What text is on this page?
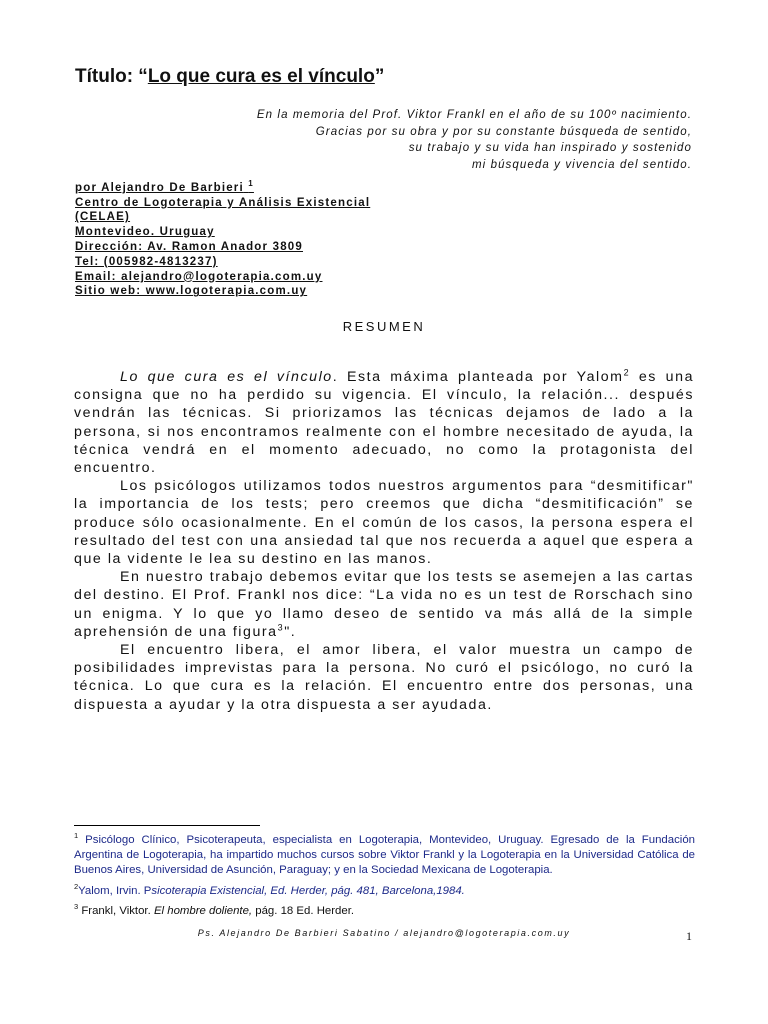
Título: “Lo que cura es el vínculo”
En la memoria del Prof. Viktor Frankl en el año de su 100º nacimiento.
Gracias por su obra y por su constante búsqueda de sentido,
su trabajo y su vida han inspirado y sostenido
mi búsqueda y vivencia del sentido.
por Alejandro De Barbieri $^1$
Centro de Logoterapia y Análisis Existencial
(CELAE)
Montevideo. Uruguay
Dirección: Av. Ramon Anador 3809
Tel: (005982-4813237)
Email: alejandro@logoterapia.com.uy
Sitio web: www.logoterapia.com.uy
RESUMEN

Lo que cura es el vínculo. Esta máxima planteada por Yalom$^2$ es una consigna que no ha perdido su vigencia. El vínculo, la relación... después vendrán las técnicas. Si priorizamos las técnicas dejamos de lado a la persona, si nos encontramos realmente con el hombre necesitado de ayuda, la técnica vendrá en el momento adecuado, no como la protagonista del encuentro.

Los psicólogos utilizamos todos nuestros argumentos para “desmitificar" la importancia de los tests; pero creemos que dicha “desmitificación” se produce sólo ocasionalmente. En el común de los casos, la persona espera el resultado del test con una ansiedad tal que nos recuerda a aquel que espera a que la vidente le lea su destino en las manos.

En nuestro trabajo debemos evitar que los tests se asemejen a las cartas del destino. El Prof. Frankl nos dice: “La vida no es un test de Rorschach sino un enigma. Y lo que yo llamo deseo de sentido va más allá de la simple aprehensión de una figura$^3$".

El encuentro libera, el amor libera, el valor muestra un campo de posibilidades imprevistas para la persona. No curó el psicólogo, no curó la técnica. Lo que cura es la relación. El encuentro entre dos personas, una dispuesta a ayudar y la otra dispuesta a ser ayudada.

$^1$ Psicólogo Clínico, Psicoterapeuta, especialista en Logoterapia, Montevideo, Uruguay. Egresado de la Fundación Argentina de Logoterapia, ha impartido muchos cursos sobre Viktor Frankl y la Logoterapia en la Universidad Católica de Buenos Aires, Universidad de Asunción, Paraguay; y en la Sociedad Mexicana de Logoterapia.

$^2$Yalom, Irvin. Psicoterapia Existencial, Ed. Herder, pág. 481, Barcelona,1984.

$^3$ Frankl, Viktor. El hombre doliente, pág. 18 Ed. Herder.

Ps. Alejandro De Barbieri Sabatino / alejandro@logoterapia.com.uy	1
